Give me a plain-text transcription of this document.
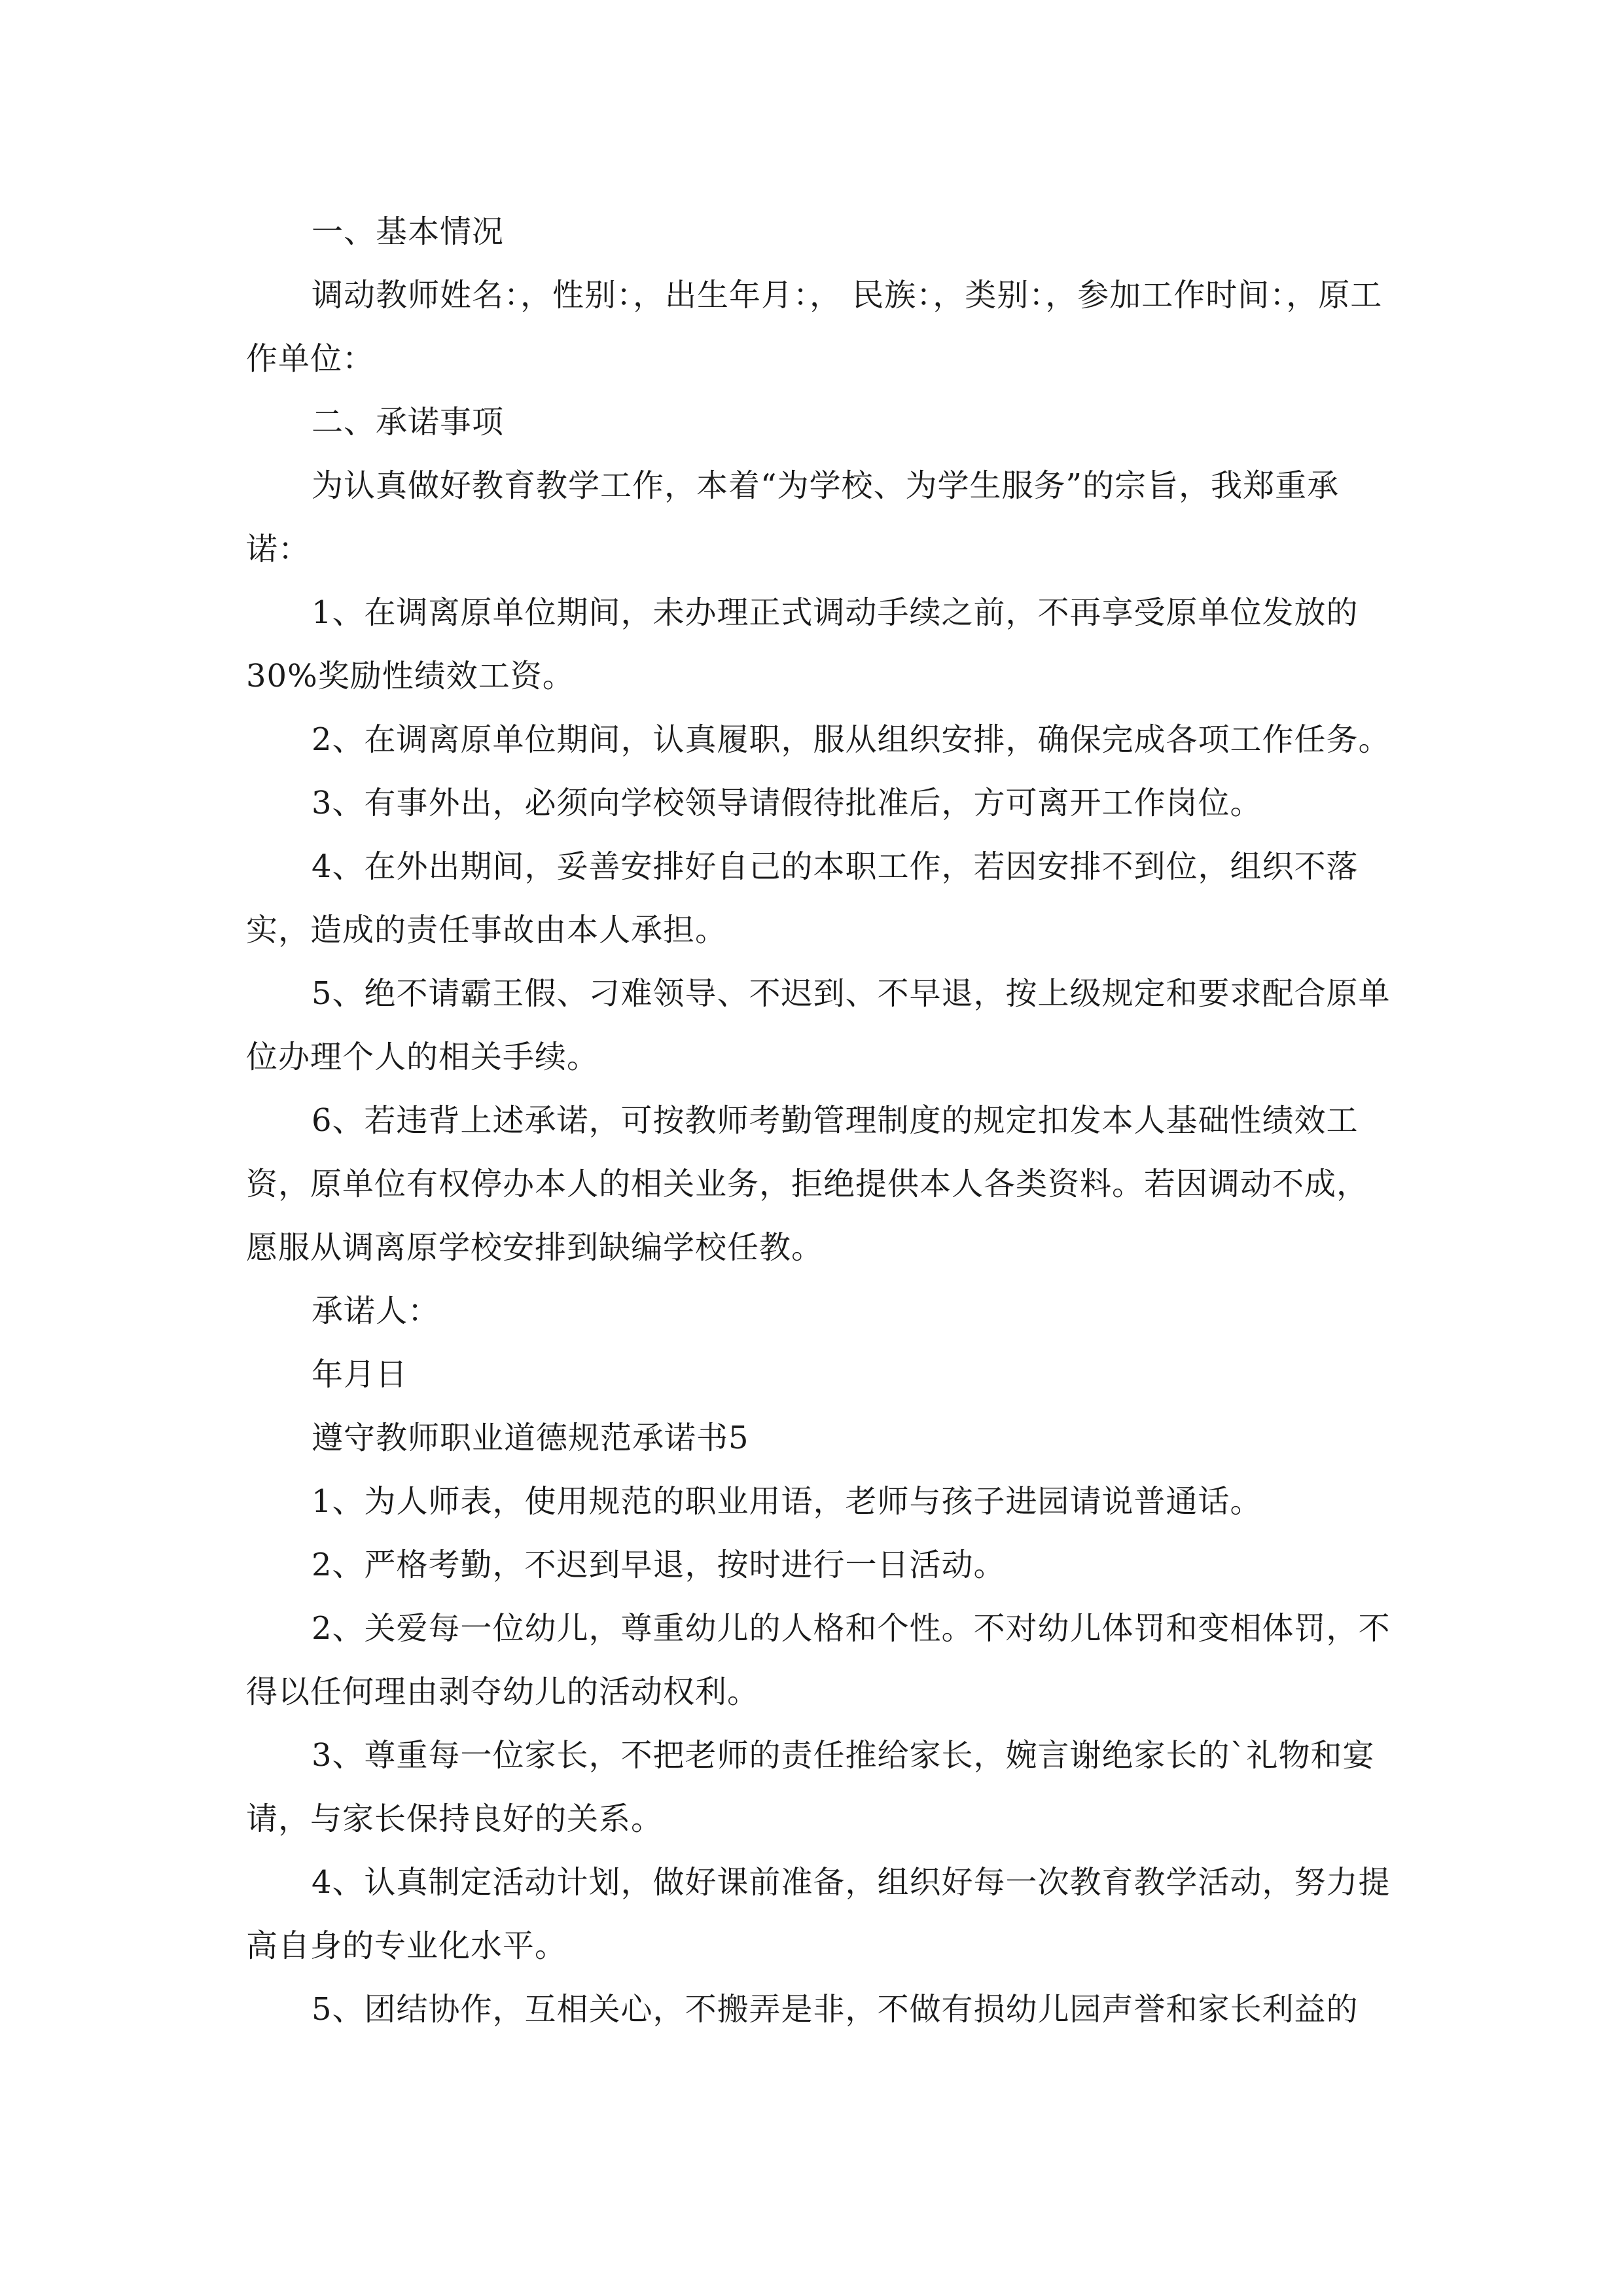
一、基本情况

调动教师姓名：，性别：，出生年月：， 民族：，类别：，参加工作时间：，原工作单位：

二、承诺事项

为认真做好教育教学工作，本着“为学校、为学生服务”的宗旨，我郑重承诺：

1、在调离原单位期间，未办理正式调动手续之前，不再享受原单位发放的30%奖励性绩效工资。

2、在调离原单位期间，认真履职，服从组织安排，确保完成各项工作任务。

3、有事外出，必须向学校领导请假待批准后，方可离开工作岗位。

4、在外出期间，妥善安排好自己的本职工作，若因安排不到位，组织不落实，造成的责任事故由本人承担。

5、绝不请霸王假、刁难领导、不迟到、不早退，按上级规定和要求配合原单位办理个人的相关手续。

6、若违背上述承诺，可按教师考勤管理制度的规定扣发本人基础性绩效工资，原单位有权停办本人的相关业务，拒绝提供本人各类资料。若因调动不成，愿服从调离原学校安排到缺编学校任教。

承诺人：

年月日

遵守教师职业道德规范承诺书5

1、为人师表，使用规范的职业用语，老师与孩子进园请说普通话。

2、严格考勤，不迟到早退，按时进行一日活动。

2、关爱每一位幼儿，尊重幼儿的人格和个性。不对幼儿体罚和变相体罚，不得以任何理由剥夺幼儿的活动权利。

3、尊重每一位家长，不把老师的责任推给家长，婉言谢绝家长的`礼物和宴请，与家长保持良好的关系。

4、认真制定活动计划，做好课前准备，组织好每一次教育教学活动，努力提高自身的专业化水平。

5、团结协作，互相关心，不搬弄是非，不做有损幼儿园声誉和家长利益的
